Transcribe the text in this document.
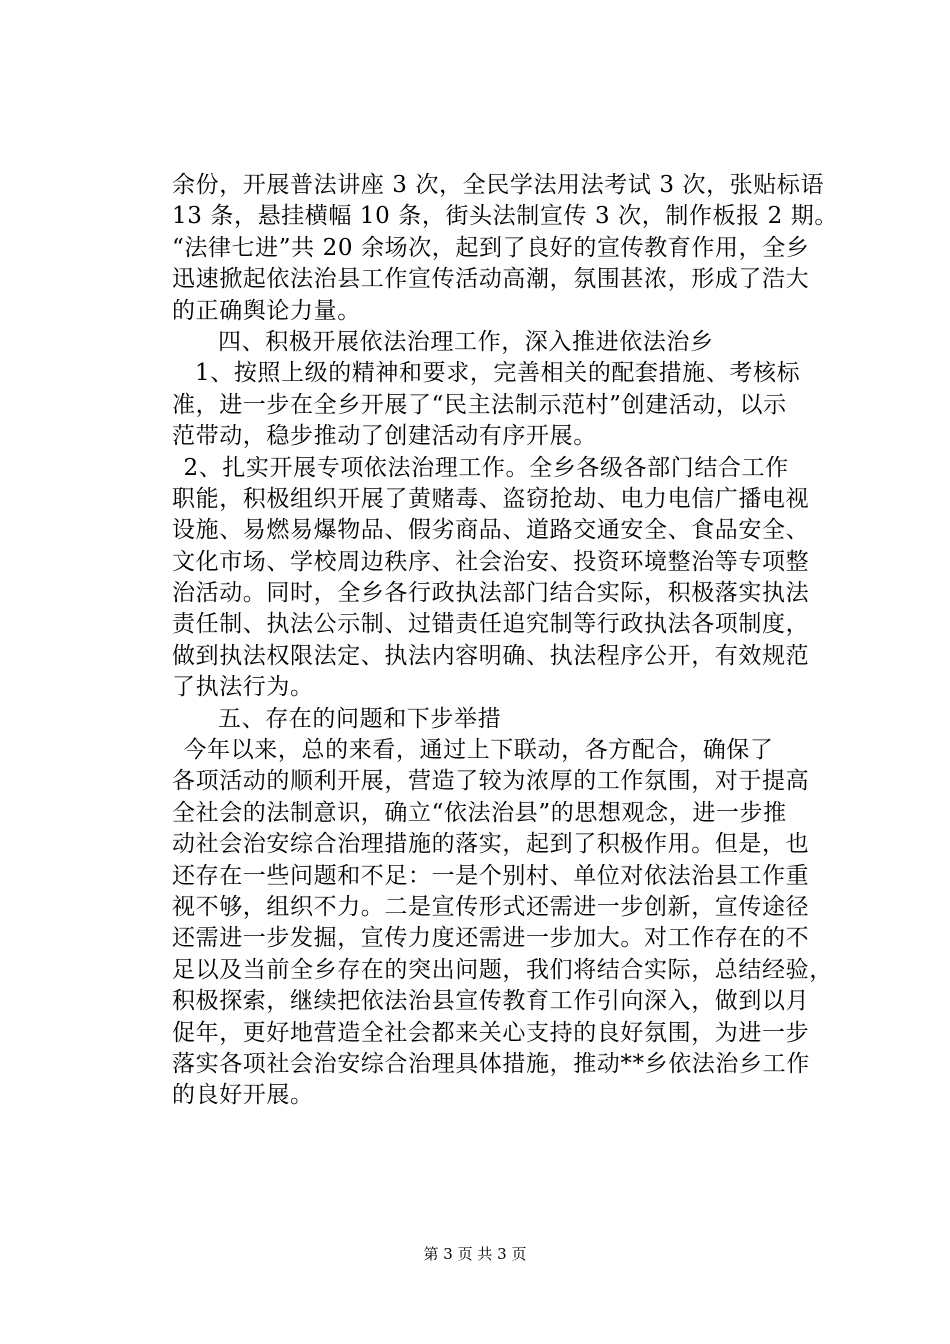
余份，开展普法讲座 3 次，全民学法用法考试 3 次，张贴标语
13 条，悬挂横幅 10 条，街头法制宣传 3 次，制作板报 2 期。
“法律七进”共 20 余场次，起到了良好的宣传教育作用，全乡
迅速掀起依法治县工作宣传活动高潮，氛围甚浓，形成了浩大
的正确舆论力量。
四、积极开展依法治理工作，深入推进依法治乡
1、按照上级的精神和要求，完善相关的配套措施、考核标
准，进一步在全乡开展了“民主法制示范村”创建活动，以示
范带动，稳步推动了创建活动有序开展。
2、扎实开展专项依法治理工作。全乡各级各部门结合工作
职能，积极组织开展了黄赌毒、盗窃抢劫、电力电信广播电视
设施、易燃易爆物品、假劣商品、道路交通安全、食品安全、
文化市场、学校周边秩序、社会治安、投资环境整治等专项整
治活动。同时，全乡各行政执法部门结合实际，积极落实执法
责任制、执法公示制、过错责任追究制等行政执法各项制度，
做到执法权限法定、执法内容明确、执法程序公开，有效规范
了执法行为。
五、存在的问题和下步举措
今年以来，总的来看，通过上下联动，各方配合，确保了
各项活动的顺利开展，营造了较为浓厚的工作氛围，对于提高
全社会的法制意识，确立“依法治县”的思想观念，进一步推
动社会治安综合治理措施的落实，起到了积极作用。但是，也
还存在一些问题和不足：一是个别村、单位对依法治县工作重
视不够，组织不力。二是宣传形式还需进一步创新，宣传途径
还需进一步发掘，宣传力度还需进一步加大。对工作存在的不
足以及当前全乡存在的突出问题，我们将结合实际，总结经验，
积极探索，继续把依法治县宣传教育工作引向深入，做到以月
促年，更好地营造全社会都来关心支持的良好氛围，为进一步
落实各项社会治安综合治理具体措施，推动**乡依法治乡工作
的良好开展。
第 3 页 共 3 页
